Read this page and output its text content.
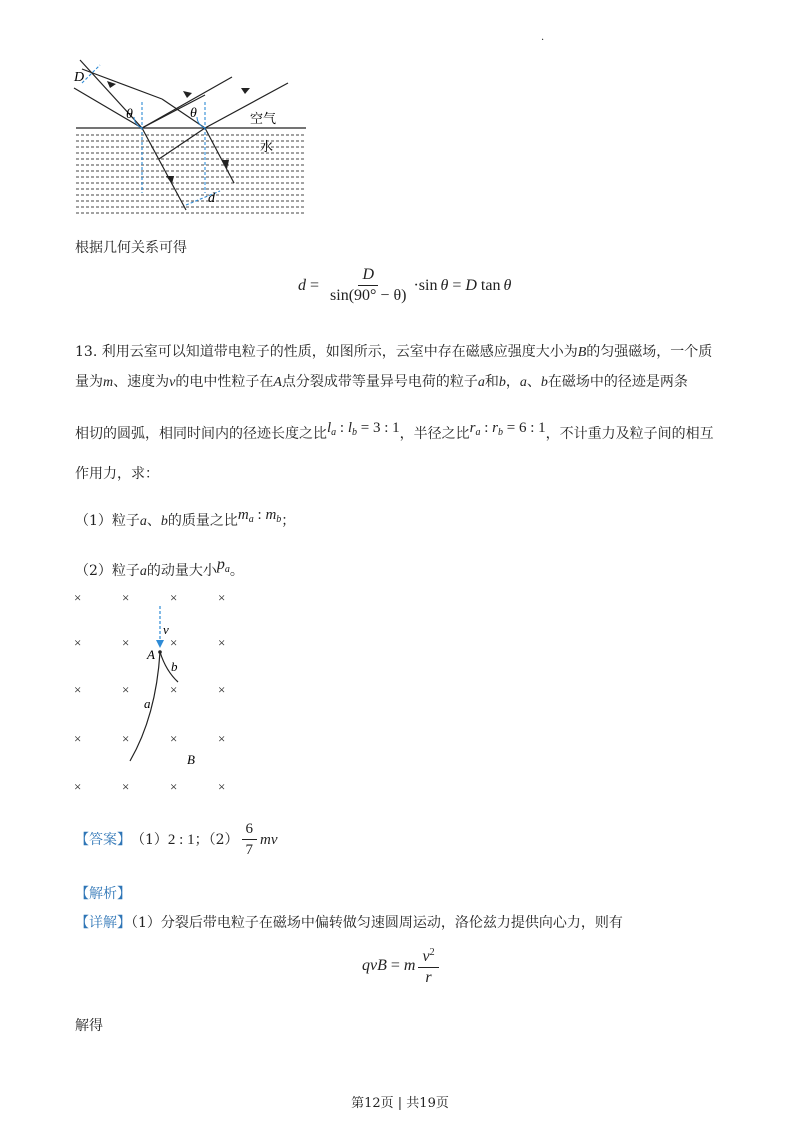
.
D
θ	θ	空气
水
d
根据几何关系可得
$d = \frac{D}{\sin(90^\circ - \theta)} \cdot\sin$ θ = D tan θ
13. 利用云室可以知道带电粒子的性质，如图所示，云室中存在磁感应强度大小为B的匀强磁场，一个质
量为m、速度为v的电中性粒子在A点分裂成带等量异号电荷的粒子a和b，a、b在磁场中的径迹是两条
相切的圆弧，相同时间内的径迹长度之比$l_a$ : $l_b = 3$ : 1，半径之比$r_a$ : $r_b = 6$ : 1，不计重力及粒子间的相互
作用力，求：
（1）粒子a、b的质量之比$m_a$ : $m_b$；
（2）粒子a的动量大小$p_a$。
×	×	×	×
×	×	×	×
×	×	×	×
×	×	×	×
×	×	×	×
v
A
b
a
B
【答案】 （1） 2 : 1 ；$(2) \frac{6}{7}$ mv
【解析】
【详解】（1）分裂后带电粒子在磁场中偏转做匀速圆周运动，洛伦兹力提供向心力，则有
qvB = m $\frac{v^2}{r}$
解得
第12页 | 共19页
